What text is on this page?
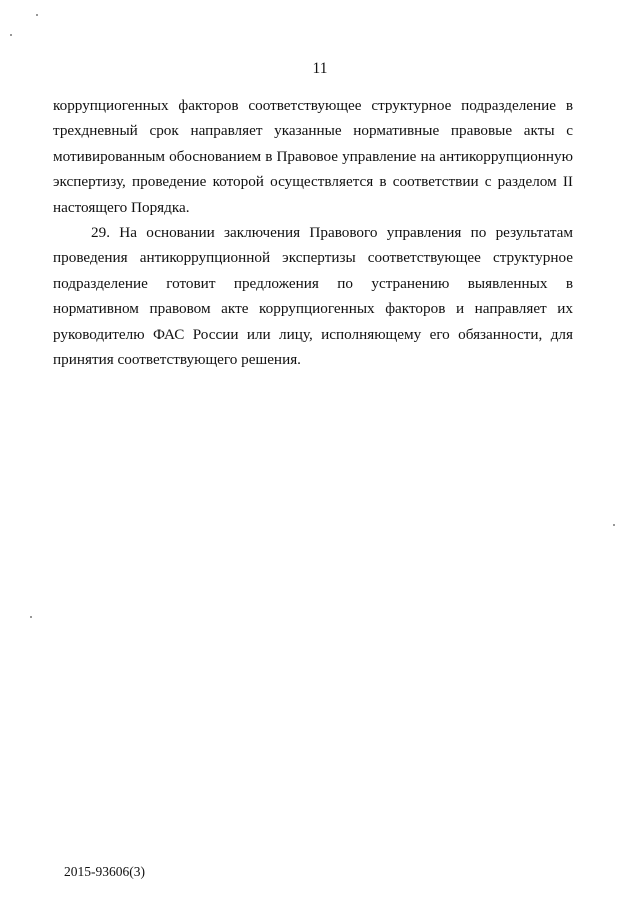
11

коррупциогенных факторов соответствующее структурное подразделение в трехдневный срок направляет указанные нормативные правовые акты с мотивированным обоснованием в Правовое управление на антикоррупционную экспертизу, проведение которой осуществляется в соответствии с разделом II настоящего Порядка.

29. На основании заключения Правового управления по результатам проведения антикоррупционной экспертизы соответствующее структурное подразделение готовит предложения по устранению выявленных в нормативном правовом акте коррупциогенных факторов и направляет их руководителю ФАС России или лицу, исполняющему его обязанности, для принятия соответствующего решения.

2015-93606(3)
